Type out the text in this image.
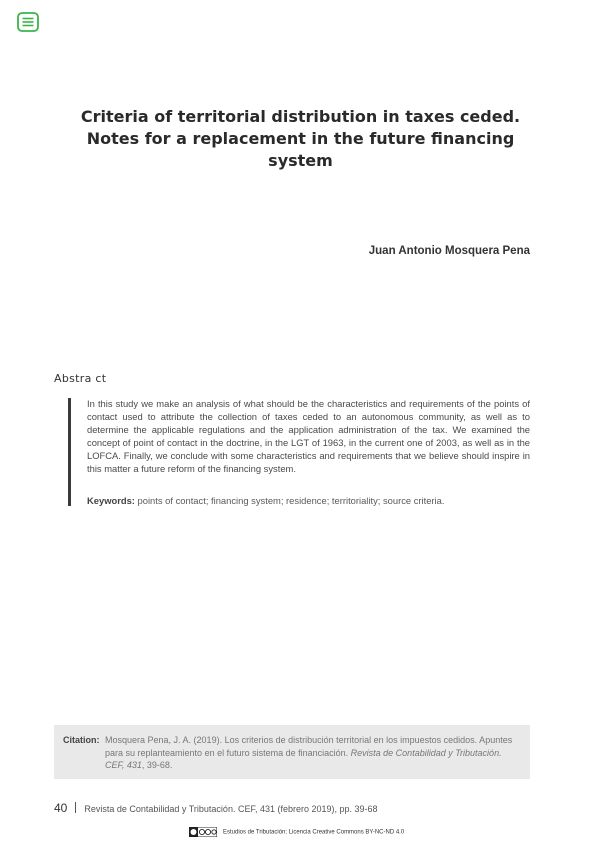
Criteria of territorial distribution in taxes ceded. Notes for a replacement in the future financing system
Juan Antonio Mosquera Pena
Abstra ct

In this study we make an analysis of what should be the characteristics and requirements of the points of contact used to attribute the collection of taxes ceded to an autonomous community, as well as to determine the applicable regulations and the application administration of the tax. We examined the concept of point of contact in the doctrine, in the LGT of 1963, in the current one of 2003, as well as in the LOFCA. Finally, we conclude with some characteristics and requirements that we believe should inspire in this matter a future reform of the financing system.

Keywords: points of contact; financing system; residence; territoriality; source criteria.

Citation: Mosquera Pena, J. A. (2019). Los criterios de distribución territorial en los impuestos cedidos. Apuntes para su replanteamiento en el futuro sistema de financiación. Revista de Contabilidad y Tributación. CEF, 431, 39-68.

40 Revista de Contabilidad y Tributación. CEF, 431 (febrero 2019), pp. 39-68
Estudios de Tributación: Licencia Creative Commons BY-NC-ND 4.0
